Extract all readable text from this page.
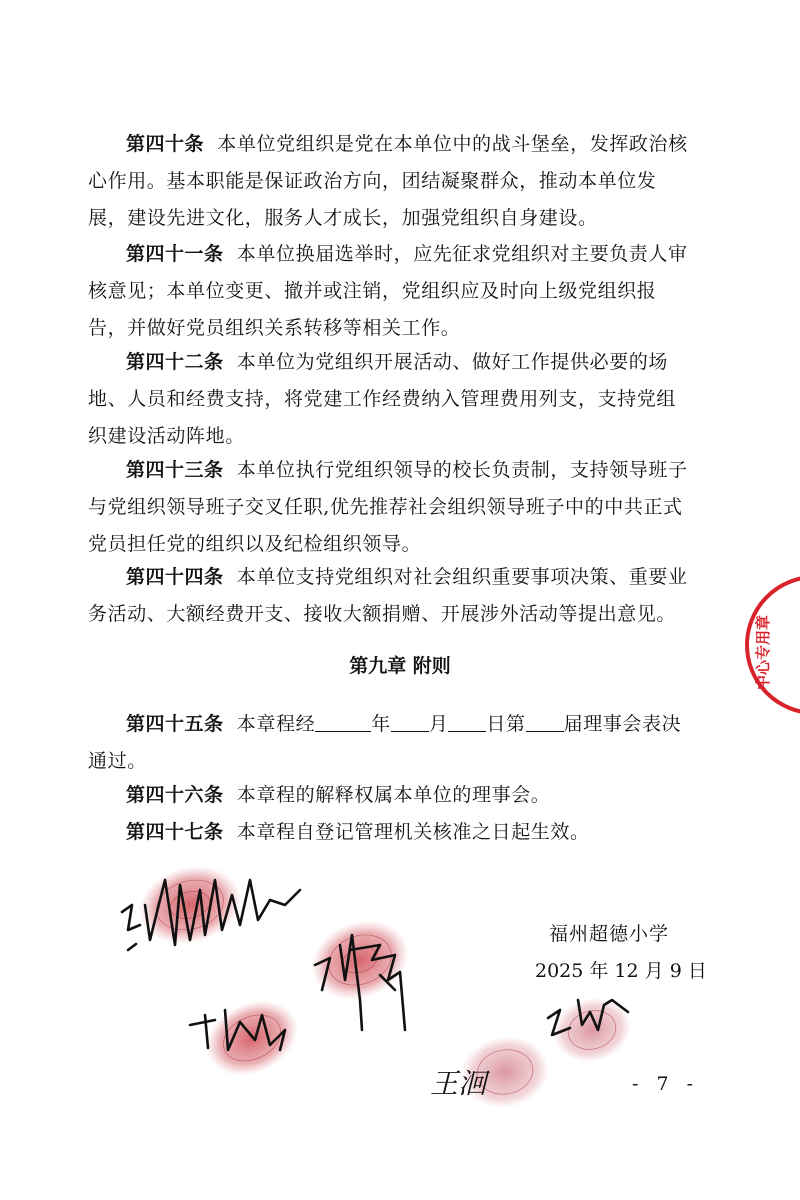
第四十条 本单位党组织是党在本单位中的战斗堡垒，发挥政治核心作用。基本职能是保证政治方向，团结凝聚群众，推动本单位发展，建设先进文化，服务人才成长，加强党组织自身建设。

第四十一条 本单位换届选举时，应先征求党组织对主要负责人审核意见；本单位变更、撤并或注销，党组织应及时向上级党组织报告，并做好党员组织关系转移等相关工作。

第四十二条 本单位为党组织开展活动、做好工作提供必要的场地、人员和经费支持，将党建工作经费纳入管理费用列支，支持党组织建设活动阵地。

第四十三条 本单位执行党组织领导的校长负责制，支持领导班子与党组织领导班子交叉任职,优先推荐社会组织领导班子中的中共正式党员担任党的组织以及纪检组织领导。

第四十四条 本单位支持党组织对社会组织重要事项决策、重要业务活动、大额经费开支、接收大额捐赠、开展涉外活动等提出意见。

第九章 附则

第四十五条 本章程经	年 月 日第 届理事会表决通过。

第四十六条 本章程的解释权属本单位的理事会。

第四十七条 本章程自登记管理机关核准之日起生效。

王洄
福州超德小学
2025 年 12 月 9 日
- 7 -
中心专用章
